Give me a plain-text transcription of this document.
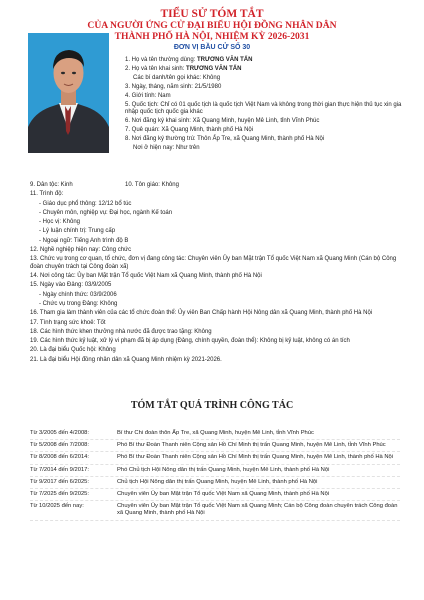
TIỂU SỬ TÓM TẮT
CỦA NGƯỜI ỨNG CỬ ĐẠI BIỂU HỘI ĐỒNG NHÂN DÂN
THÀNH PHỐ HÀ NỘI, NHIỆM KỲ 2026-2031
ĐƠN VỊ BẦU CỬ SỐ 30
1. Họ và tên thường dùng: TRƯƠNG VĂN TẤN
2. Họ và tên khai sinh: TRƯƠNG VĂN TẤN
Các bí danh/tên gọi khác: Không
3. Ngày, tháng, năm sinh: 21/5/1980
4. Giới tính: Nam
5. Quốc tịch: Chỉ có 01 quốc tịch là quốc tịch Việt Nam và không trong thời gian thực hiện thủ tục xin gia nhập quốc tịch quốc gia khác
6. Nơi đăng ký khai sinh: Xã Quang Minh, huyện Mê Linh, tỉnh Vĩnh Phúc
7. Quê quán: Xã Quang Minh, thành phố Hà Nội
8. Nơi đăng ký thường trú: Thôn Ấp Tre, xã Quang Minh, thành phố Hà Nội
Nơi ở hiện nay: Như trên
9. Dân tộc: Kinh	10. Tôn giáo: Không
11. Trình độ:
- Giáo dục phổ thông: 12/12 bổ túc
- Chuyên môn, nghiệp vụ: Đại học, ngành Kế toán
- Học vị: Không
- Lý luận chính trị: Trung cấp
- Ngoại ngữ: Tiếng Anh trình độ B
12. Nghề nghiệp hiện nay: Công chức
13. Chức vụ trong cơ quan, tổ chức, đơn vị đang công tác: Chuyên viên Ủy ban Mặt trận Tổ quốc Việt Nam xã Quang Minh (Cán bộ Công đoàn chuyên trách tại Công đoàn xã)
14. Nơi công tác: Ủy ban Mặt trận Tổ quốc Việt Nam xã Quang Minh, thành phố Hà Nội
15. Ngày vào Đảng: 03/9/2005
- Ngày chính thức: 03/9/2006
- Chức vụ trong Đảng: Không
16. Tham gia làm thành viên của các tổ chức đoàn thể: Ủy viên Ban Chấp hành Hội Nông dân xã Quang Minh, thành phố Hà Nội
17. Tình trạng sức khoẻ: Tốt
18. Các hình thức khen thưởng nhà nước đã được trao tặng: Không
19. Các hình thức kỷ luật, xử lý vi phạm đã bị áp dụng (Đảng, chính quyền, đoàn thể): Không bị kỷ luật, không có án tích
20. Là đại biểu Quốc hội: Không
21. Là đại biểu Hội đồng nhân dân xã Quang Minh nhiệm kỳ 2021-2026.
TÓM TẮT QUÁ TRÌNH CÔNG TÁC
Từ 3/2005 đến 4/2008:	Bí thư Chi đoàn thôn Ấp Tre, xã Quang Minh, huyện Mê Linh, tỉnh Vĩnh Phúc
Từ 5/2008 đến 7/2008:	Phó Bí thư Đoàn Thanh niên Cộng sản Hồ Chí Minh thị trấn Quang Minh, huyện Mê Linh, tỉnh Vĩnh Phúc
Từ 8/2008 đến 6/2014:	Phó Bí thư Đoàn Thanh niên Cộng sản Hồ Chí Minh thị trấn Quang Minh, huyện Mê Linh, thành phố Hà Nội
Từ 7/2014 đến 9/2017:	Phó Chủ tịch Hội Nông dân thị trấn Quang Minh, huyện Mê Linh, thành phố Hà Nội
Từ 9/2017 đến 6/2025:	Chủ tịch Hội Nông dân thị trấn Quang Minh, huyện Mê Linh, thành phố Hà Nội
Từ 7/2025 đến 9/2025:	Chuyên viên Ủy ban Mặt trận Tổ quốc Việt Nam xã Quang Minh, thành phố Hà Nội
Từ 10/2025 đến nay:	Chuyên viên Ủy ban Mặt trận Tổ quốc Việt Nam xã Quang Minh; Cán bộ Công đoàn chuyên trách Công đoàn xã Quang Minh, thành phố Hà Nội
